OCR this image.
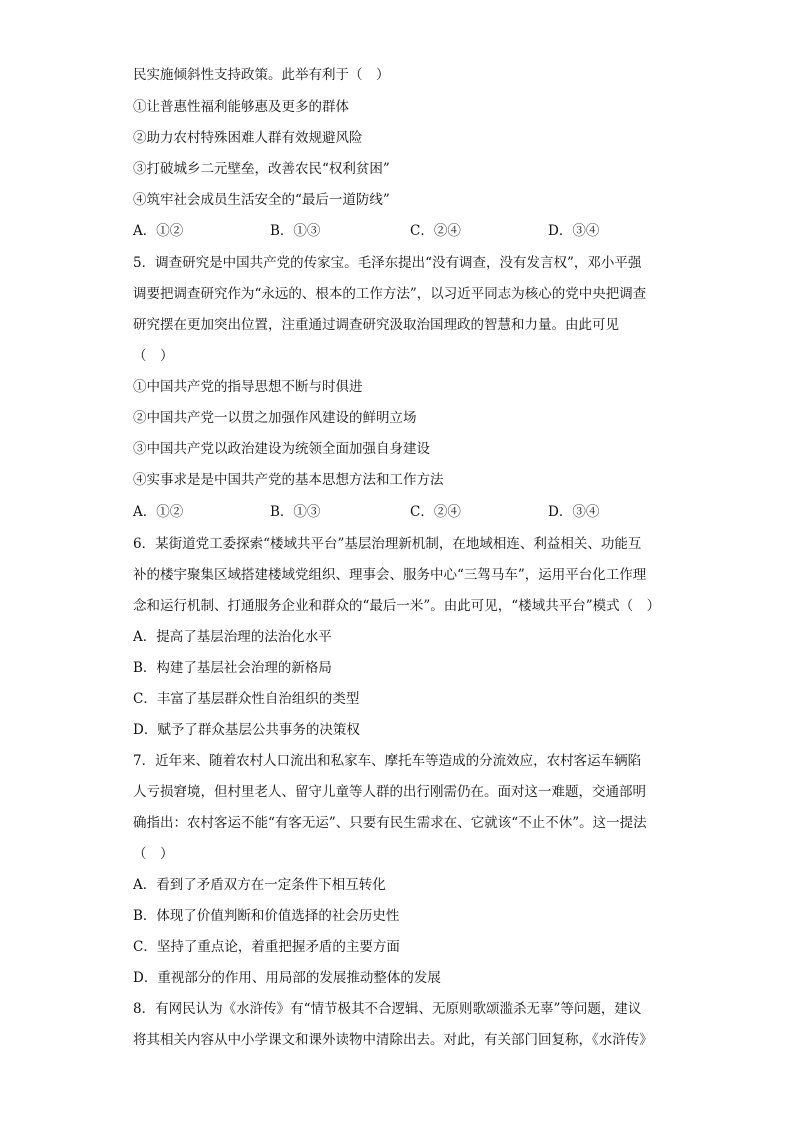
民实施倾斜性支持政策。此举有利于（　）
①让普惠性福利能够惠及更多的群体
②助力农村特殊困难人群有效规避风险
③打破城乡二元壁垒，改善农民“权利贫困”
④筑牢社会成员生活安全的“最后一道防线”
A．①②	B．①③	C．②④	D．③④
5．调查研究是中国共产党的传家宝。毛泽东提出“没有调查，没有发言权”，邓小平强
调要把调查研究作为“永远的、根本的工作方法”，以习近平同志为核心的党中央把调查
研究摆在更加突出位置，注重通过调查研究汲取治国理政的智慧和力量。由此可见
（　）
①中国共产党的指导思想不断与时俱进
②中国共产党一以贯之加强作风建设的鲜明立场
③中国共产党以政治建设为统领全面加强自身建设
④实事求是是中国共产党的基本思想方法和工作方法
A．①②	B．①③	C．②④	D．③④
6．某街道党工委探索“楼域共平台”基层治理新机制，在地域相连、利益相关、功能互
补的楼宇聚集区域搭建楼域党组织、理事会、服务中心“三驾马车”，运用平台化工作理
念和运行机制、打通服务企业和群众的“最后一米”。由此可见，“楼域共平台”模式（　）
A．提高了基层治理的法治化水平
B．构建了基层社会治理的新格局
C．丰富了基层群众性自治组织的类型
D．赋予了群众基层公共事务的决策权
7．近年来、随着农村人口流出和私家车、摩托车等造成的分流效应，农村客运车辆陷
人亏损窘境，但村里老人、留守儿童等人群的出行刚需仍在。面对这一难题，交通部明
确指出：农村客运不能“有客无运”、只要有民生需求在、它就该“不止不休”。这一提法
（　）
A．看到了矛盾双方在一定条件下相互转化
B．体现了价值判断和价值选择的社会历史性
C．坚持了重点论，着重把握矛盾的主要方面
D．重视部分的作用、用局部的发展推动整体的发展
8．有网民认为《水浒传》有“情节极其不合逻辑、无原则歌颂滥杀无辜”等问题，建议
将其相关内容从中小学课文和课外读物中清除出去。对此，有关部门回复称，《水浒传》
